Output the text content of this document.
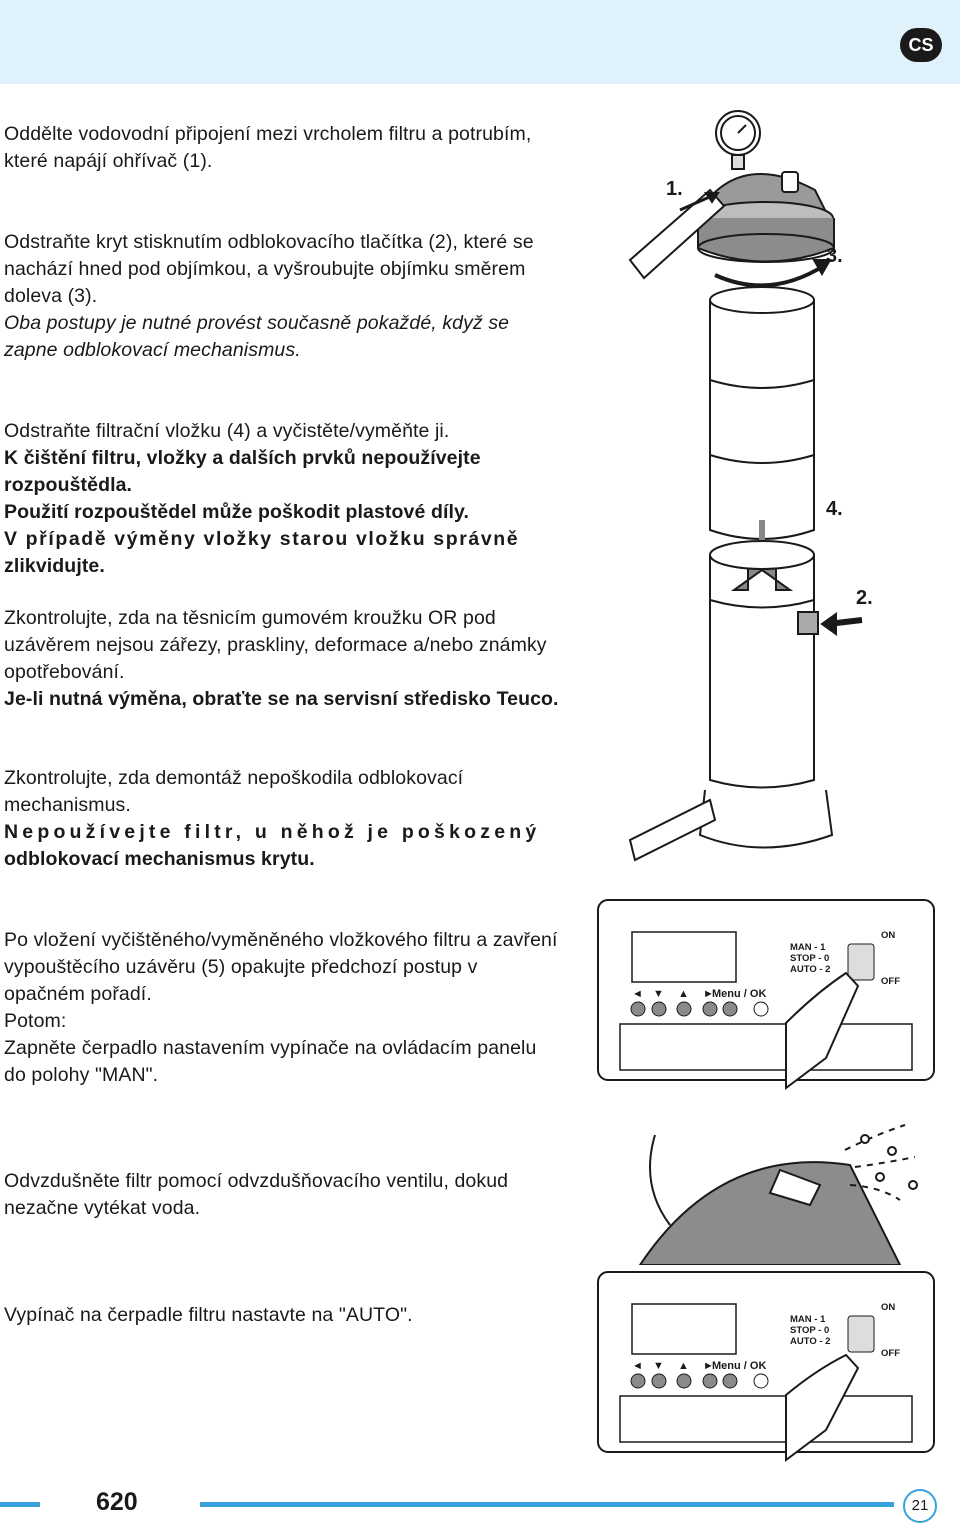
CS

Oddělte vodovodní připojení mezi vrcholem filtru a potrubím, které napájí ohřívač (1).

Odstraňte kryt stisknutím odblokovacího tlačítka (2), které se nachází hned pod objímkou, a vyšroubujte objímku směrem doleva (3).

Oba postupy je nutné provést současně pokaždé, když se zapne odblokovací mechanismus.

Odstraňte filtrační vložku (4) a vyčistěte/vyměňte ji.

K čištění filtru, vložky a dalších prvků nepoužívejte rozpouštědla.

Použití rozpouštědel může poškodit plastové díly.

V případě výměny vložky starou vložku správně

zlikvidujte.

Zkontrolujte, zda na těsnicím gumovém kroužku OR pod uzávěrem nejsou zářezy, praskliny, deformace a/nebo známky opotřebování.

Je-li nutná výměna, obraťte se na servisní středisko Teuco.

Zkontrolujte, zda demontáž nepoškodila odblokovací mechanismus.

Nepoužívejte filtr, u něhož je poškozený

odblokovací mechanismus krytu.

Po vložení vyčištěného/vyměněného vložkového filtru a zavření vypouštěcího uzávěru (5) opakujte předchozí postup v opačném pořadí.

Potom:

Zapněte čerpadlo nastavením vypínače na ovládacím panelu do polohy "MAN".

Odvzdušněte filtr pomocí odvzdušňovacího ventilu, dokud nezačne vytékat voda.

Vypínač na čerpadle filtru nastavte na "AUTO".

1.
3.
4.
2.
◄ ▼ ▲ ►
Menu / OK
MAN - 1
STOP - 0
AUTO - 2
ON
OFF
◄ ▼ ▲ ►
Menu / OK
MAN - 1
STOP - 0
AUTO - 2
ON
OFF
620	21
